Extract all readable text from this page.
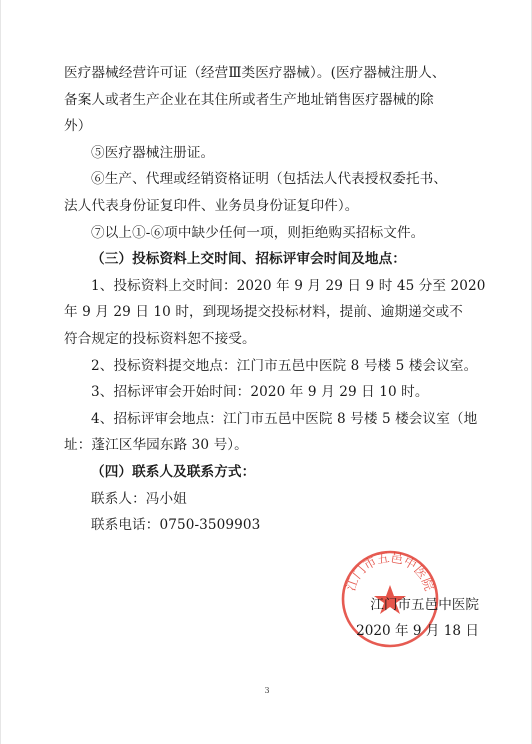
医疗器械经营许可证（经营Ⅲ类医疗器械）。(医疗器械注册人、

备案人或者生产企业在其住所或者生产地址销售医疗器械的除

外）

⑤医疗器械注册证。

⑥生产、代理或经销资格证明（包括法人代表授权委托书、

法人代表身份证复印件、业务员身份证复印件）。

⑦以上①-⑥项中缺少任何一项，则拒绝购买招标文件。

（三）投标资料上交时间、招标评审会时间及地点：

1、投标资料上交时间：2020 年 9 月 29 日 9 时 45 分至 2020

年 9 月 29 日 10 时，到现场提交投标材料，提前、逾期递交或不

符合规定的投标资料恕不接受。

2、投标资料提交地点：江门市五邑中医院 8 号楼 5 楼会议室。

3、招标评审会开始时间：2020 年 9 月 29 日 10 时。

4、招标评审会地点：江门市五邑中医院 8 号楼 5 楼会议室（地

址：蓬江区华园东路 30 号）。

（四）联系人及联系方式：

联系人：冯小姐

联系电话：0750-3509903

江门市五邑中医院

江门市五邑中医院

2020 年 9 月 18 日

3
